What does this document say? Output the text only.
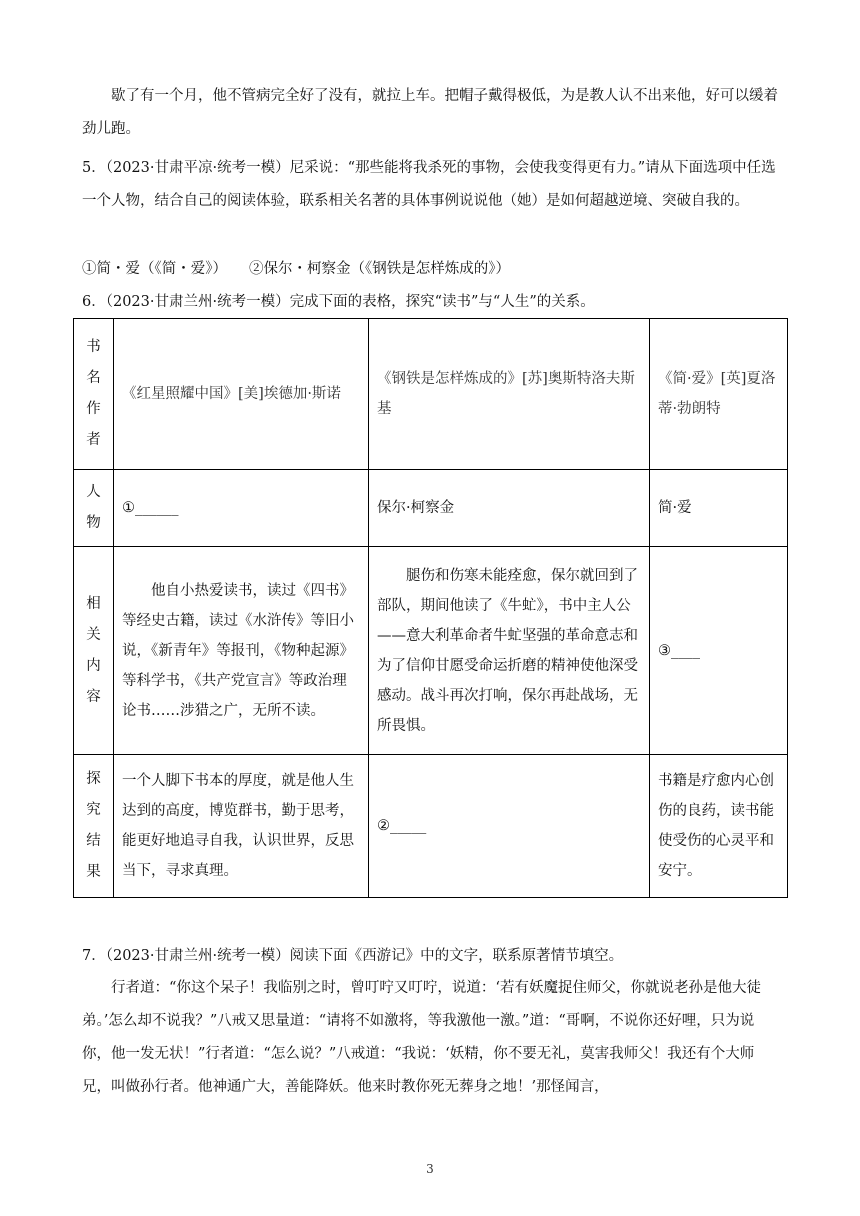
歇了有一个月，他不管病完全好了没有，就拉上车。把帽子戴得极低，为是教人认不出来他，好可以缓着劲儿跑。

5．（2023·甘肃平凉·统考一模）尼采说：“那些能将我杀死的事物，会使我变得更有力。”请从下面选项中任选一个人物，结合自己的阅读体验，联系相关名著的具体事例说说他（她）是如何超越逆境、突破自我的。

①简・爱（《简・爱》） ②保尔・柯察金（《钢铁是怎样炼成的》）

6．（2023·甘肃兰州·统考一模）完成下面的表格，探究“读书”与“人生”的关系。

书
名
作
者	《红星照耀中国》[美]埃德加·斯诺	《钢铁是怎样炼成的》[苏]奥斯特洛夫斯基	《简·爱》[英]夏洛蒂·勃朗特

人
物	①______	保尔·柯察金	简·爱

相
关
内
容	他自小热爱读书，读过《四书》等经史古籍，读过《水浒传》等旧小说，《新青年》等报刊，《物种起源》等科学书，《共产党宣言》等政治理论书……涉猎之广，无所不读。	腿伤和伤寒未能痊愈，保尔就回到了部队，期间他读了《牛虻》，书中主人公——意大利革命者牛虻坚强的革命意志和为了信仰甘愿受命运折磨的精神使他深受感动。战斗再次打响，保尔再赴战场，无所畏惧。	③____

探
究
结
果	一个人脚下书本的厚度，就是他人生达到的高度，博览群书，勤于思考，能更好地追寻自我，认识世界，反思当下，寻求真理。	②_____	书籍是疗愈内心创伤的良药，读书能使受伤的心灵平和安宁。

7．（2023·甘肃兰州·统考一模）阅读下面《西游记》中的文字，联系原著情节填空。

行者道：“你这个呆子！我临别之时，曾叮咛又叮咛，说道：‘若有妖魔捉住师父，你就说老孙是他大徒弟。’怎么却不说我？”八戒又思量道：“请将不如激将，等我激他一激。”道：“哥啊，不说你还好哩，只为说你，他一发无状！”行者道：“怎么说？”八戒道：“我说：‘妖精，你不要无礼，莫害我师父！我还有个大师兄，叫做孙行者。他神通广大，善能降妖。他来时教你死无葬身之地！’那怪闻言，

3
